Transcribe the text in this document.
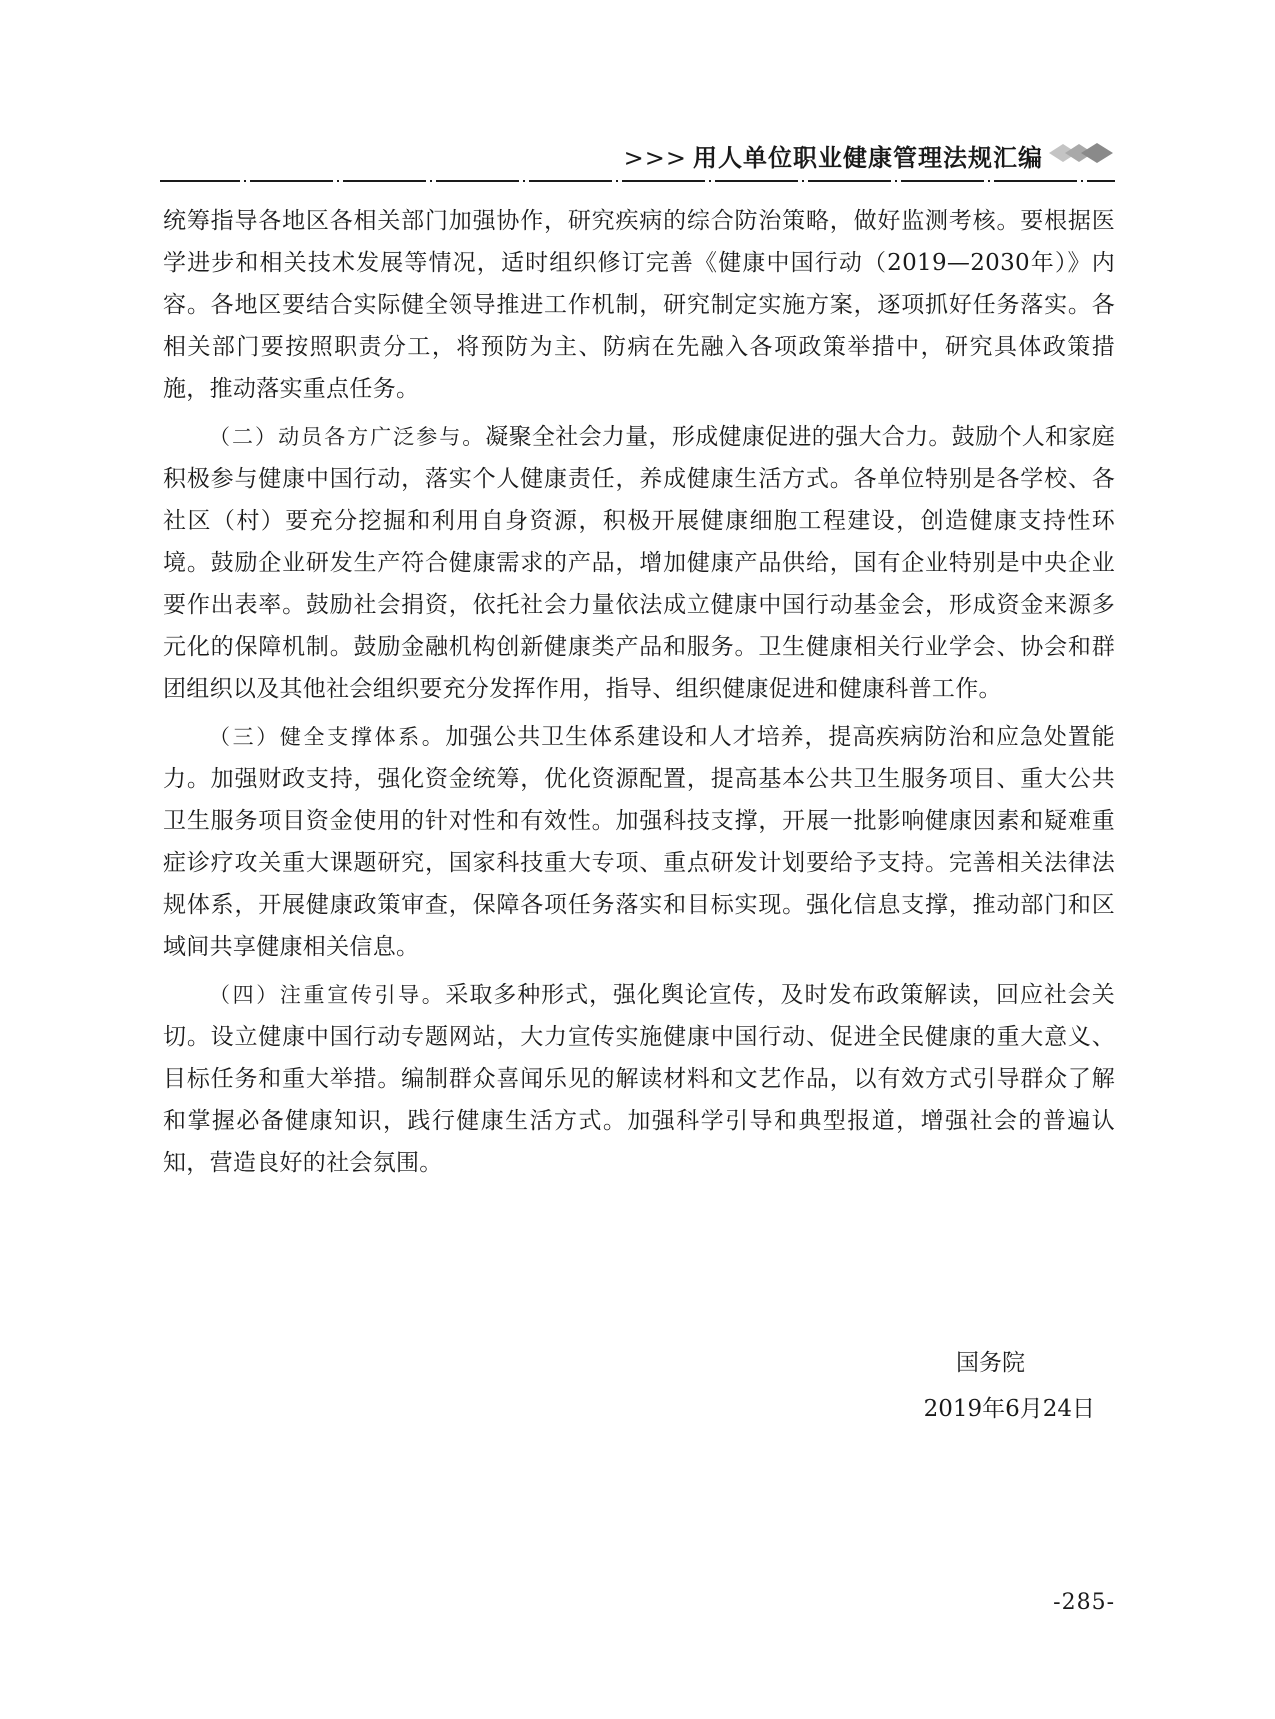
>>> 用人单位职业健康管理法规汇编

统筹指导各地区各相关部门加强协作，研究疾病的综合防治策略，做好监测考核。要根据医学进步和相关技术发展等情况，适时组织修订完善《健康中国行动（2019—2030年）》内容。各地区要结合实际健全领导推进工作机制，研究制定实施方案，逐项抓好任务落实。各相关部门要按照职责分工，将预防为主、防病在先融入各项政策举措中，研究具体政策措施，推动落实重点任务。

（二）动员各方广泛参与。凝聚全社会力量，形成健康促进的强大合力。鼓励个人和家庭积极参与健康中国行动，落实个人健康责任，养成健康生活方式。各单位特别是各学校、各社区（村）要充分挖掘和利用自身资源，积极开展健康细胞工程建设，创造健康支持性环境。鼓励企业研发生产符合健康需求的产品，增加健康产品供给，国有企业特别是中央企业要作出表率。鼓励社会捐资，依托社会力量依法成立健康中国行动基金会，形成资金来源多元化的保障机制。鼓励金融机构创新健康类产品和服务。卫生健康相关行业学会、协会和群团组织以及其他社会组织要充分发挥作用，指导、组织健康促进和健康科普工作。

（三）健全支撑体系。加强公共卫生体系建设和人才培养，提高疾病防治和应急处置能力。加强财政支持，强化资金统筹，优化资源配置，提高基本公共卫生服务项目、重大公共卫生服务项目资金使用的针对性和有效性。加强科技支撑，开展一批影响健康因素和疑难重症诊疗攻关重大课题研究，国家科技重大专项、重点研发计划要给予支持。完善相关法律法规体系，开展健康政策审查，保障各项任务落实和目标实现。强化信息支撑，推动部门和区域间共享健康相关信息。

（四）注重宣传引导。采取多种形式，强化舆论宣传，及时发布政策解读，回应社会关切。设立健康中国行动专题网站，大力宣传实施健康中国行动、促进全民健康的重大意义、目标任务和重大举措。编制群众喜闻乐见的解读材料和文艺作品，以有效方式引导群众了解和掌握必备健康知识，践行健康生活方式。加强科学引导和典型报道，增强社会的普遍认知，营造良好的社会氛围。

国务院
2019年6月24日
-285-
